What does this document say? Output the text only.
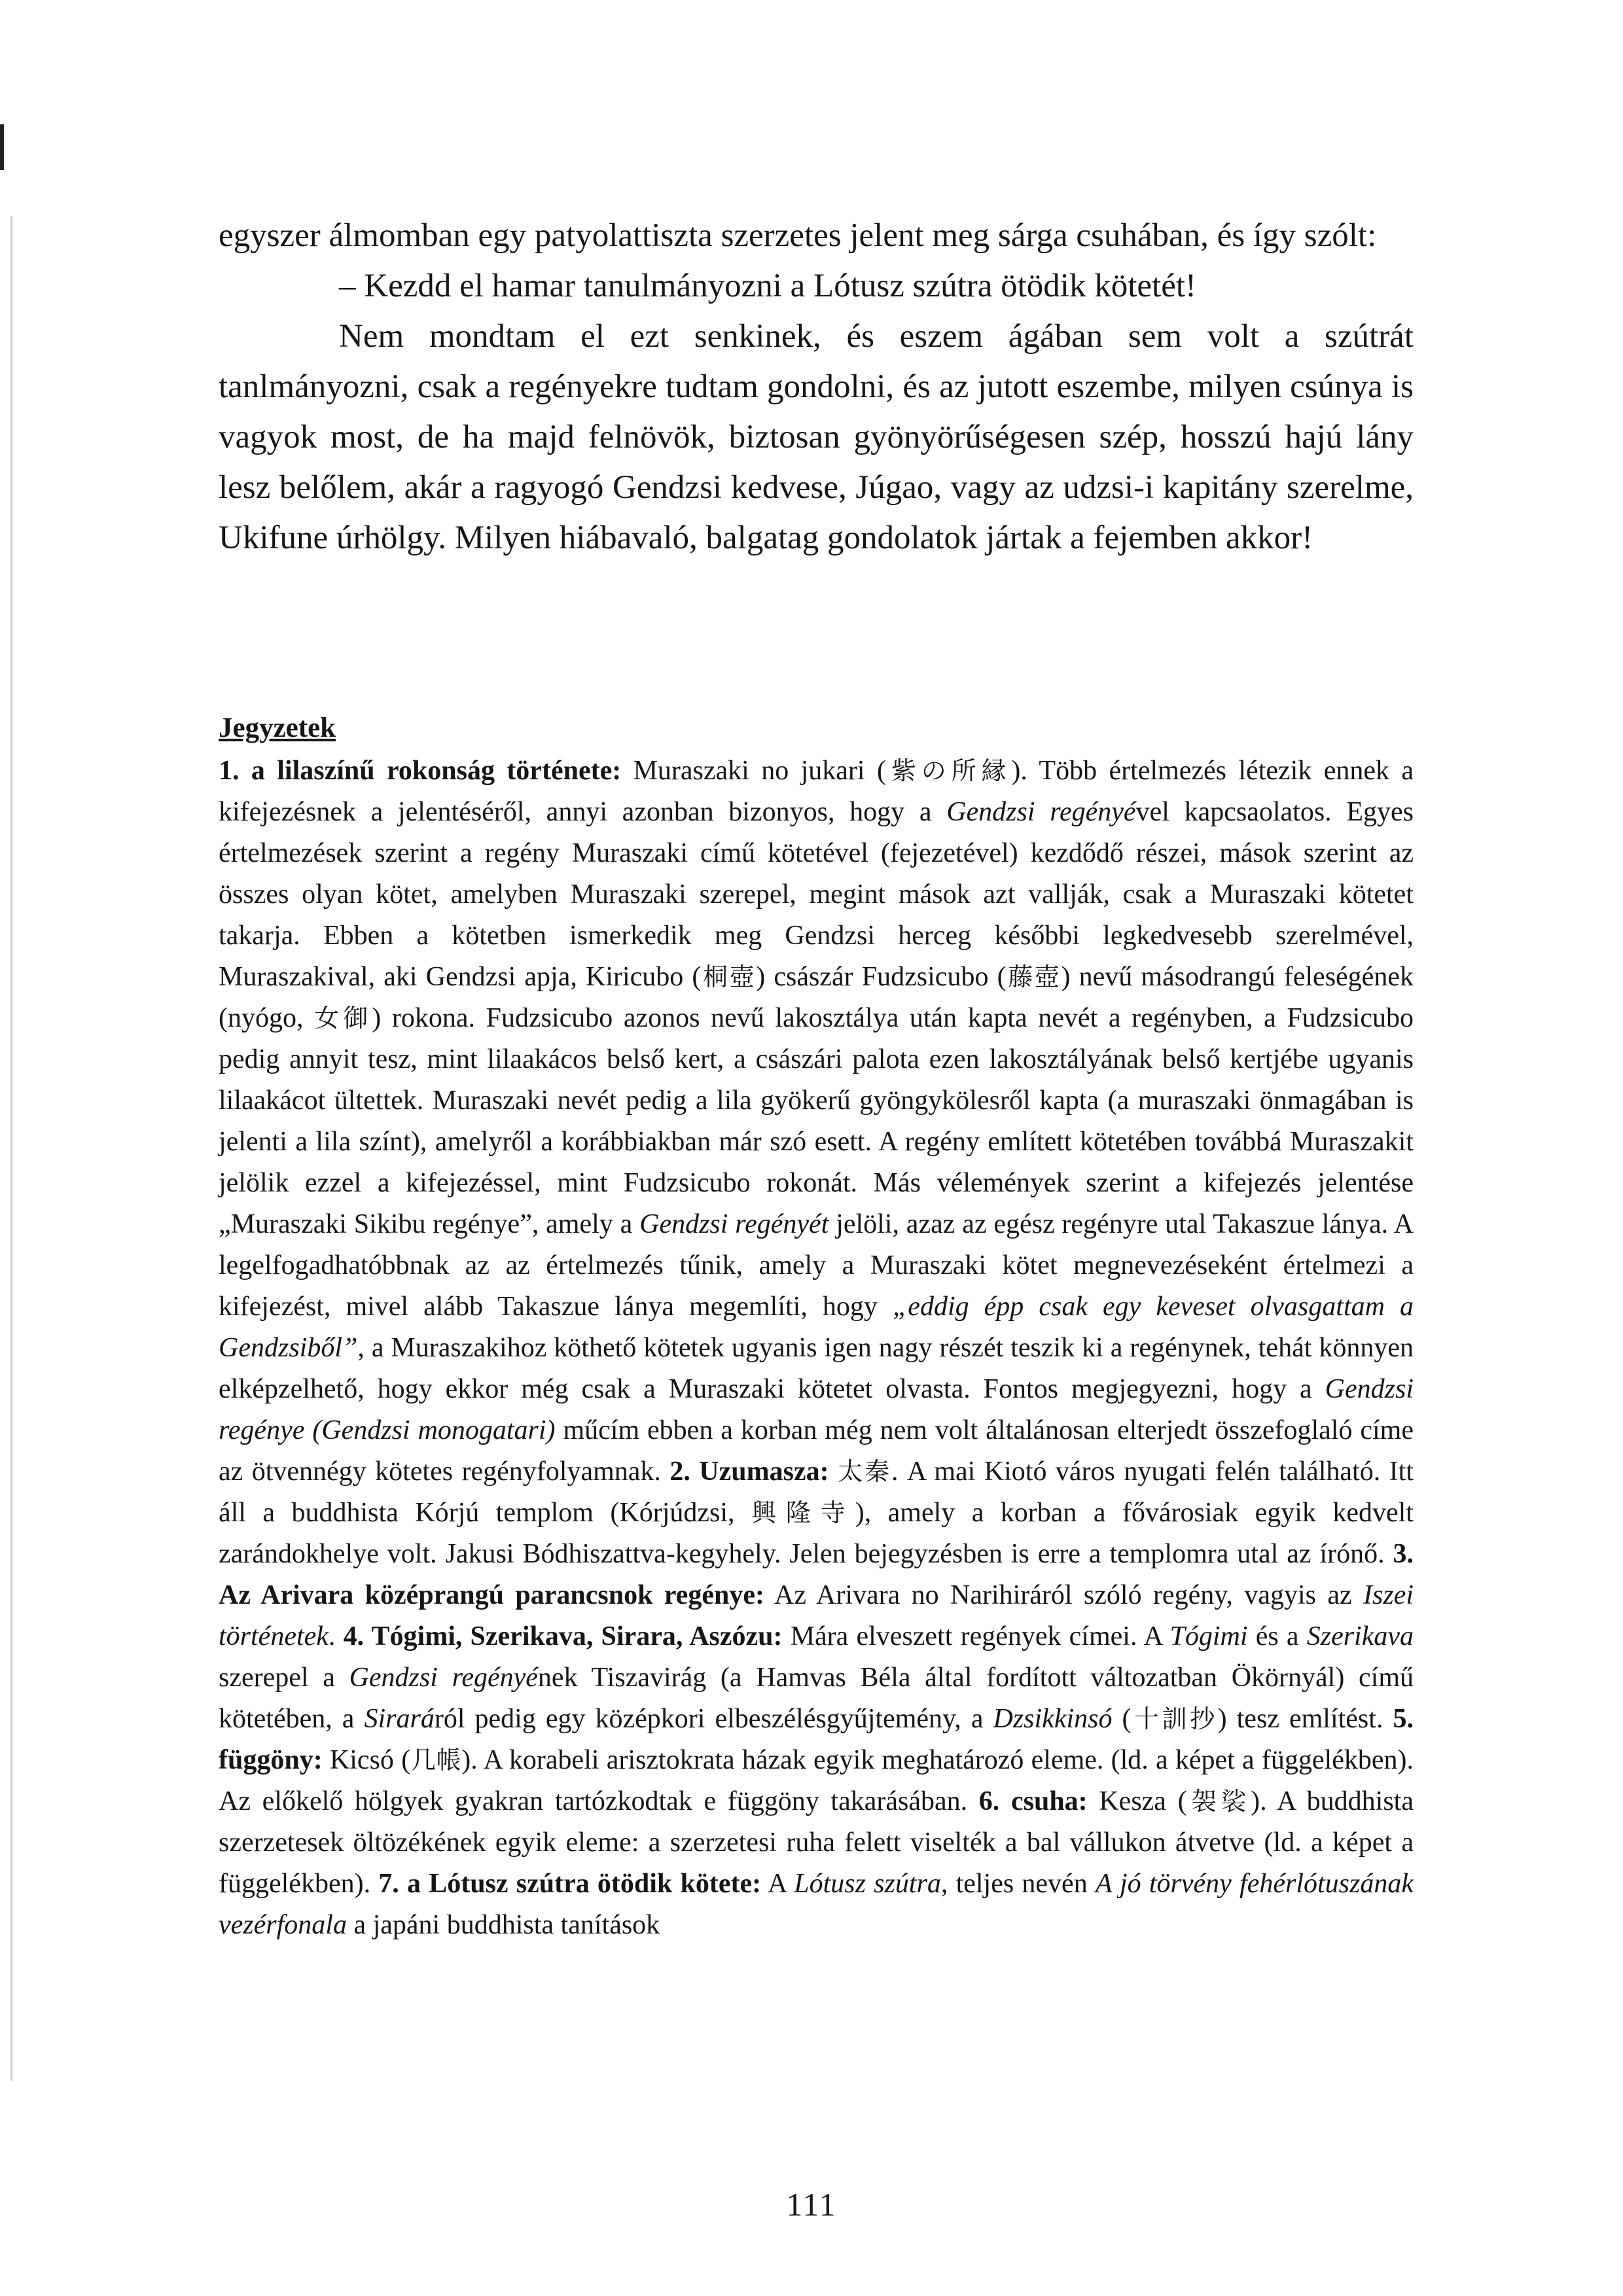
egyszer álmomban egy patyolattiszta szerzetes jelent meg sárga csuhában, és így szólt:

– Kezdd el hamar tanulmányozni a Lótusz szútra ötödik kötetét!

Nem mondtam el ezt senkinek, és eszem ágában sem volt a szútrát tanlmányozni, csak a regényekre tudtam gondolni, és az jutott eszembe, milyen csúnya is vagyok most, de ha majd felnövök, biztosan gyönyörűségesen szép, hosszú hajú lány lesz belőlem, akár a ragyogó Gendzsi kedvese, Júgao, vagy az udzsi-i kapitány szerelme, Ukifune úrhölgy. Milyen hiábavaló, balgatag gondolatok jártak a fejemben akkor!

Jegyzetek

1. a lilaszínű rokonság története: Muraszaki no jukari (紫の所縁). Több értelmezés létezik ennek a kifejezésnek a jelentéséről, annyi azonban bizonyos, hogy a Gendzsi regényével kapcsaolatos. Egyes értelmezések szerint a regény Muraszaki című kötetével (fejezetével) kezdődő részei, mások szerint az összes olyan kötet, amelyben Muraszaki szerepel, megint mások azt vallják, csak a Muraszaki kötetet takarja. Ebben a kötetben ismerkedik meg Gendzsi herceg későbbi legkedvesebb szerelmével, Muraszakival, aki Gendzsi apja, Kiricubo (桐壺) császár Fudzsicubo (藤壺) nevű másodrangú feleségének (nyógo, 女御) rokona. Fudzsicubo azonos nevű lakosztálya után kapta nevét a regényben, a Fudzsicubo pedig annyit tesz, mint lilaakácos belső kert, a császári palota ezen lakosztályának belső kertjébe ugyanis lilaakácot ültettek. Muraszaki nevét pedig a lila gyökerű gyöngykölesről kapta (a muraszaki önmagában is jelenti a lila színt), amelyről a korábbiakban már szó esett. A regény említett kötetében továbbá Muraszakit jelölik ezzel a kifejezéssel, mint Fudzsicubo rokonát. Más vélemények szerint a kifejezés jelentése „Muraszaki Sikibu regénye”, amely a Gendzsi regényét jelöli, azaz az egész regényre utal Takaszue lánya. A legelfogadhatóbbnak az az értelmezés tűnik, amely a Muraszaki kötet megnevezéseként értelmezi a kifejezést, mivel alább Takaszue lánya megemlíti, hogy „eddig épp csak egy keveset olvasgattam a Gendzsiből”, a Muraszakihoz köthető kötetek ugyanis igen nagy részét teszik ki a regénynek, tehát könnyen elképzelhető, hogy ekkor még csak a Muraszaki kötetet olvasta. Fontos megjegyezni, hogy a Gendzsi regénye (Gendzsi monogatari) műcím ebben a korban még nem volt általánosan elterjedt összefoglaló címe az ötvennégy kötetes regényfolyamnak. 2. Uzumasza: 太秦. A mai Kiotó város nyugati felén található. Itt áll a buddhista Kórjú templom (Kórjúdzsi, 興隆寺), amely a korban a fővárosiak egyik kedvelt zarándokhelye volt. Jakusi Bódhiszattva-kegyhely. Jelen bejegyzésben is erre a templomra utal az írónő. 3. Az Arivara középrangú parancsnok regénye: Az Arivara no Narihiráról szóló regény, vagyis az Iszei történetek. 4. Tógimi, Szerikava, Sirara, Aszózu: Mára elveszett regények címei. A Tógimi és a Szerikava szerepel a Gendzsi regényének Tiszavirág (a Hamvas Béla által fordított változatban Ökörnyál) című kötetében, a Siraráról pedig egy középkori elbeszélésgyűjtemény, a Dzsikkinsó (十訓抄) tesz említést. 5. függöny: Kicsó (几帳). A korabeli arisztokrata házak egyik meghatározó eleme. (ld. a képet a függelékben). Az előkelő hölgyek gyakran tartózkodtak e függöny takarásában. 6. csuha: Kesza (袈裟). A buddhista szerzetesek öltözékének egyik eleme: a szerzetesi ruha felett viselték a bal vállukon átvetve (ld. a képet a függelékben). 7. a Lótusz szútra ötödik kötete: A Lótusz szútra, teljes nevén A jó törvény fehérlótuszának vezérfonala a japáni buddhista tanítások

111
